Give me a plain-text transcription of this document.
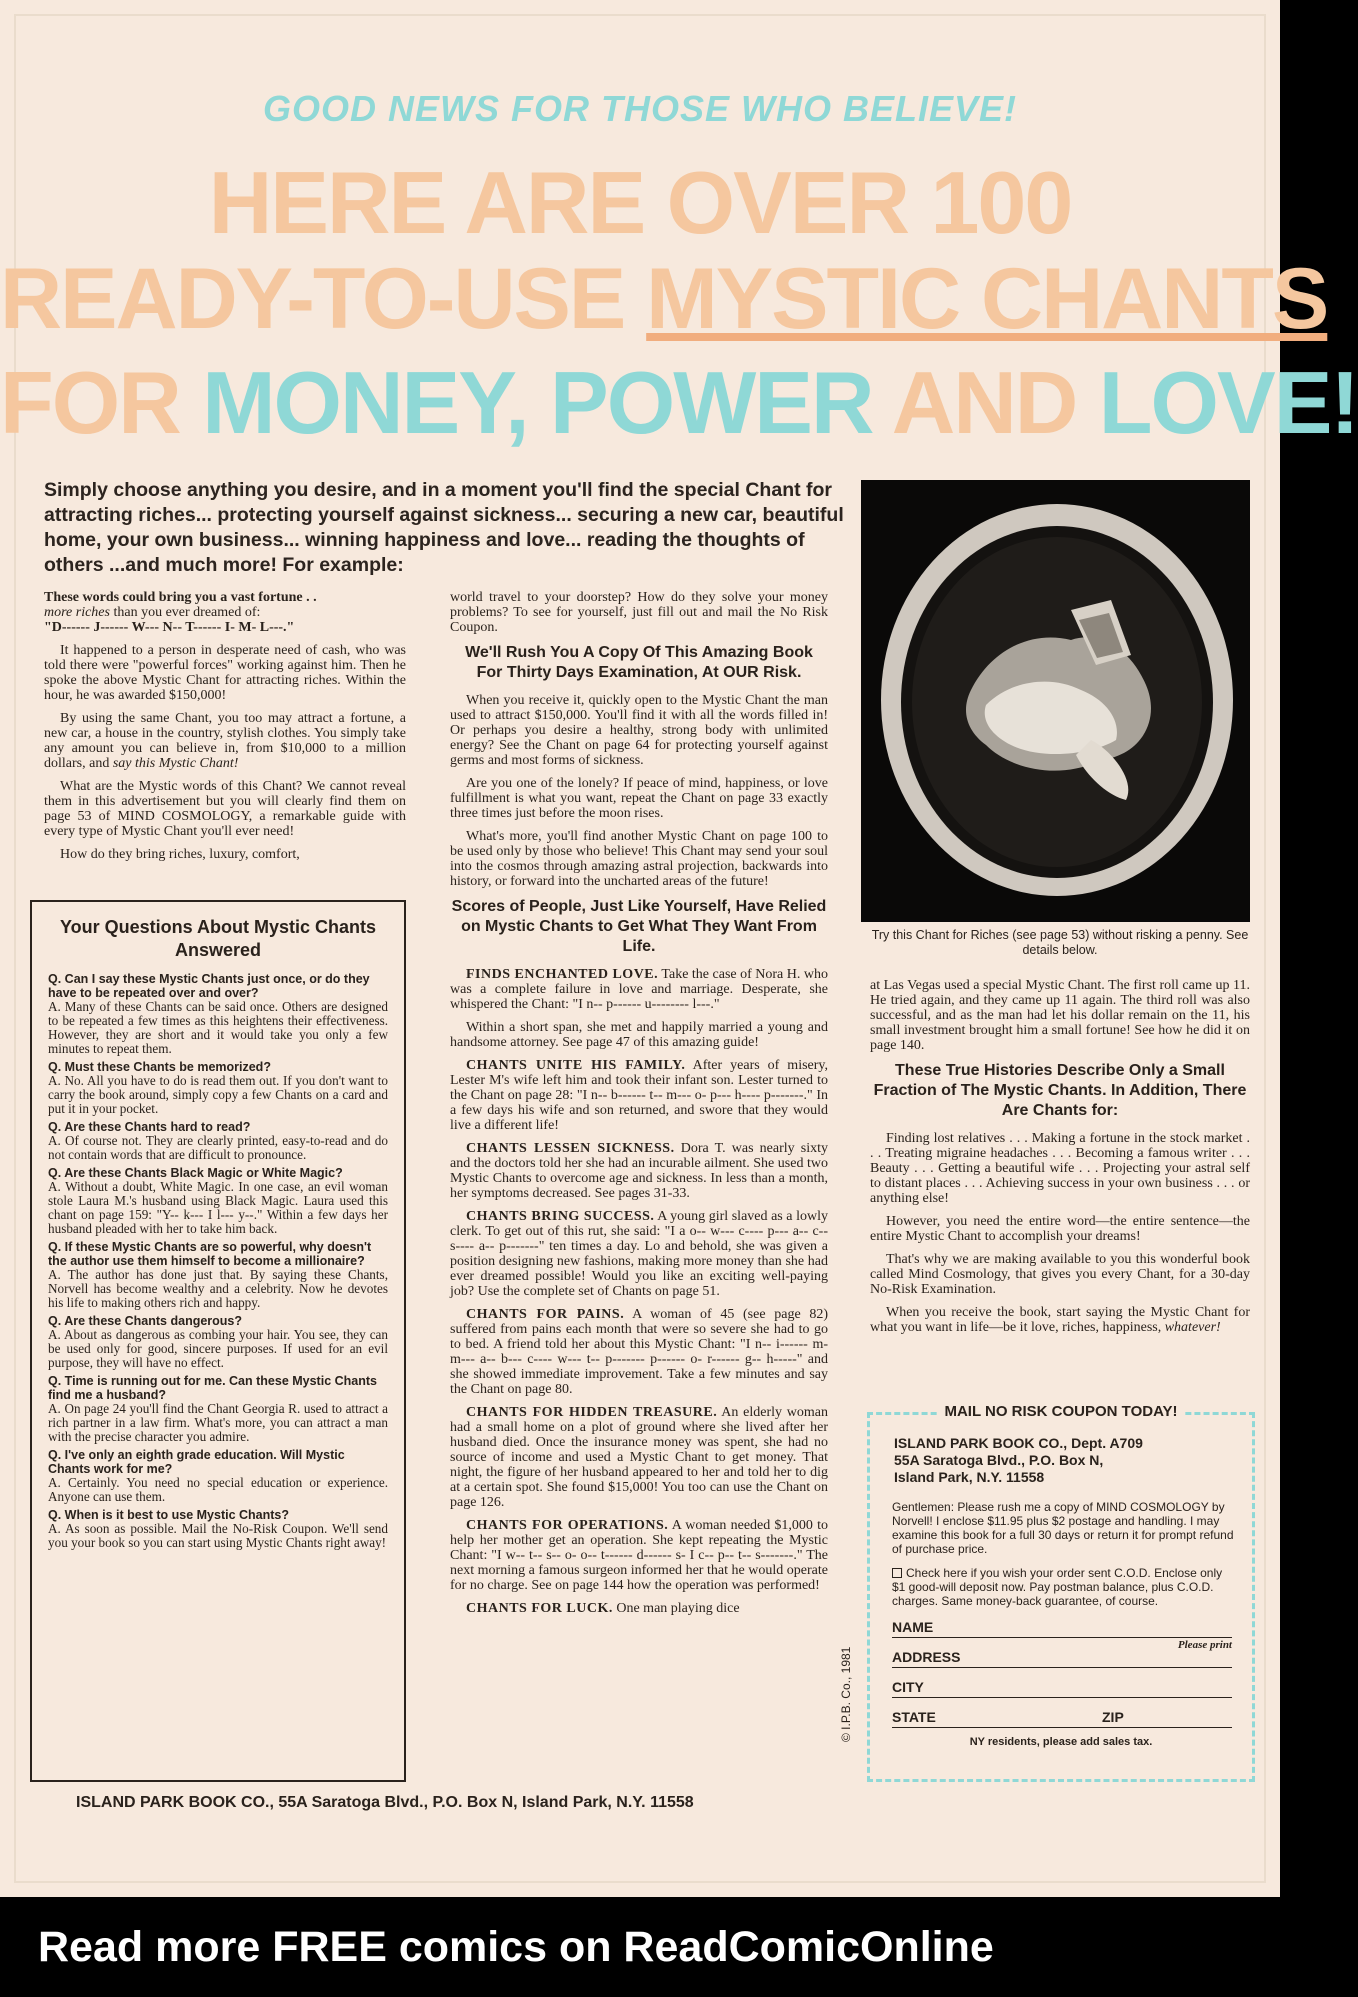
GOOD NEWS FOR THOSE WHO BELIEVE!
HERE ARE OVER 100
READY-TO-USE MYSTIC CHANTS
FOR MONEY, POWER AND LOVE!
Simply choose anything you desire, and in a moment you'll find the special Chant for attracting riches... protecting yourself against sickness... securing a new car, beautiful home, your own business... winning happiness and love... reading the thoughts of others ...and much more! For example:

These words could bring you a vast fortune . .
more riches than you ever dreamed of:
"D------ J------ W--- N-- T------ I- M- L---."

It happened to a person in desperate need of cash, who was told there were "powerful forces" working against him. Then he spoke the above Mystic Chant for attracting riches. Within the hour, he was awarded $150,000!

By using the same Chant, you too may attract a fortune, a new car, a house in the country, stylish clothes. You simply take any amount you can believe in, from $10,000 to a million dollars, and say this Mystic Chant!

What are the Mystic words of this Chant? We cannot reveal them in this advertisement but you will clearly find them on page 53 of MIND COSMOLOGY, a remarkable guide with every type of Mystic Chant you'll ever need!

How do they bring riches, luxury, comfort,

Your Questions About Mystic Chants Answered
Q. Can I say these Mystic Chants just once, or do they have to be repeated over and over?
A. Many of these Chants can be said once. Others are designed to be repeated a few times as this heightens their effectiveness. However, they are short and it would take you only a few minutes to repeat them.
Q. Must these Chants be memorized?
A. No. All you have to do is read them out. If you don't want to carry the book around, simply copy a few Chants on a card and put it in your pocket.
Q. Are these Chants hard to read?
A. Of course not. They are clearly printed, easy-to-read and do not contain words that are difficult to pronounce.
Q. Are these Chants Black Magic or White Magic?
A. Without a doubt, White Magic. In one case, an evil woman stole Laura M.'s husband using Black Magic. Laura used this chant on page 159: "Y-- k--- I l--- y--." Within a few days her husband pleaded with her to take him back.
Q. If these Mystic Chants are so powerful, why doesn't the author use them himself to become a millionaire?
A. The author has done just that. By saying these Chants, Norvell has become wealthy and a celebrity. Now he devotes his life to making others rich and happy.
Q. Are these Chants dangerous?
A. About as dangerous as combing your hair. You see, they can be used only for good, sincere purposes. If used for an evil purpose, they will have no effect.
Q. Time is running out for me. Can these Mystic Chants find me a husband?
A. On page 24 you'll find the Chant Georgia R. used to attract a rich partner in a law firm. What's more, you can attract a man with the precise character you admire.
Q. I've only an eighth grade education. Will Mystic Chants work for me?
A. Certainly. You need no special education or experience. Anyone can use them.
Q. When is it best to use Mystic Chants?
A. As soon as possible. Mail the No-Risk Coupon. We'll send you your book so you can start using Mystic Chants right away!

world travel to your doorstep? How do they solve your money problems? To see for yourself, just fill out and mail the No Risk Coupon.

We'll Rush You A Copy Of This Amazing Book For Thirty Days Examination, At OUR Risk.

When you receive it, quickly open to the Mystic Chant the man used to attract $150,000. You'll find it with all the words filled in! Or perhaps you desire a healthy, strong body with unlimited energy? See the Chant on page 64 for protecting yourself against germs and most forms of sickness.

Are you one of the lonely? If peace of mind, happiness, or love fulfillment is what you want, repeat the Chant on page 33 exactly three times just before the moon rises.

What's more, you'll find another Mystic Chant on page 100 to be used only by those who believe! This Chant may send your soul into the cosmos through amazing astral projection, backwards into history, or forward into the uncharted areas of the future!

Scores of People, Just Like Yourself, Have Relied on Mystic Chants to Get What They Want From Life.

FINDS ENCHANTED LOVE. Take the case of Nora H. who was a complete failure in love and marriage. Desperate, she whispered the Chant: "I n-- p------ u-------- l---."

Within a short span, she met and happily married a young and handsome attorney. See page 47 of this amazing guide!

CHANTS UNITE HIS FAMILY. After years of misery, Lester M's wife left him and took their infant son. Lester turned to the Chant on page 28: "I n-- b------ t-- m--- o- p--- h---- p-------." In a few days his wife and son returned, and swore that they would live a different life!

CHANTS LESSEN SICKNESS. Dora T. was nearly sixty and the doctors told her she had an incurable ailment. She used two Mystic Chants to overcome age and sickness. In less than a month, her symptoms decreased. See pages 31-33.

CHANTS BRING SUCCESS. A young girl slaved as a lowly clerk. To get out of this rut, she said: "I a o-- w--- c---- p--- a-- c-- s---- a-- p-------" ten times a day. Lo and behold, she was given a position designing new fashions, making more money than she had ever dreamed possible! Would you like an exciting well-paying job? Use the complete set of Chants on page 51.

CHANTS FOR PAINS. A woman of 45 (see page 82) suffered from pains each month that were so severe she had to go to bed. A friend told her about this Mystic Chant: "I n-- i------ m- m--- a-- b--- c---- w--- t-- p------- p------ o- r------ g-- h-----" and she showed immediate improvement. Take a few minutes and say the Chant on page 80.

CHANTS FOR HIDDEN TREASURE. An elderly woman had a small home on a plot of ground where she lived after her husband died. Once the insurance money was spent, she had no source of income and used a Mystic Chant to get money. That night, the figure of her husband appeared to her and told her to dig at a certain spot. She found $15,000! You too can use the Chant on page 126.

CHANTS FOR OPERATIONS. A woman needed $1,000 to help her mother get an operation. She kept repeating the Mystic Chant: "I w-- t-- s-- o- o-- t------ d------ s- I c-- p-- t-- s-------." The next morning a famous surgeon informed her that he would operate for no charge. See on page 144 how the operation was performed!

CHANTS FOR LUCK. One man playing dice

Try this Chant for Riches (see page 53) without risking a penny. See details below.

at Las Vegas used a special Mystic Chant. The first roll came up 11. He tried again, and they came up 11 again. The third roll was also successful, and as the man had let his dollar remain on the 11, his small investment brought him a small fortune! See how he did it on page 140.

These True Histories Describe Only a Small Fraction of The Mystic Chants. In Addition, There Are Chants for:

Finding lost relatives . . . Making a fortune in the stock market . . . Treating migraine headaches . . . Becoming a famous writer . . . Beauty . . . Getting a beautiful wife . . . Projecting your astral self to distant places . . . Achieving success in your own business . . . or anything else!

However, you need the entire word—the entire sentence—the entire Mystic Chant to accomplish your dreams!

That's why we are making available to you this wonderful book called Mind Cosmology, that gives you every Chant, for a 30-day No-Risk Examination.

When you receive the book, start saying the Mystic Chant for what you want in life—be it love, riches, happiness, whatever!

MAIL NO RISK COUPON TODAY!
ISLAND PARK BOOK CO., Dept. A709
55A Saratoga Blvd., P.O. Box N,
Island Park, N.Y. 11558
Gentlemen: Please rush me a copy of MIND COSMOLOGY by Norvell! I enclose $11.95 plus $2 postage and handling. I may examine this book for a full 30 days or return it for prompt refund of purchase price.
Check here if you wish your order sent C.O.D. Enclose only $1 good-will deposit now. Pay postman balance, plus C.O.D. charges. Same money-back guarantee, of course.
NAME
Please print
ADDRESS
CITY
STATE	ZIP
NY residents, please add sales tax.
© I.P.B. Co., 1981
ISLAND PARK BOOK CO., 55A Saratoga Blvd., P.O. Box N, Island Park, N.Y. 11558
Read more FREE comics on ReadComicOnline
